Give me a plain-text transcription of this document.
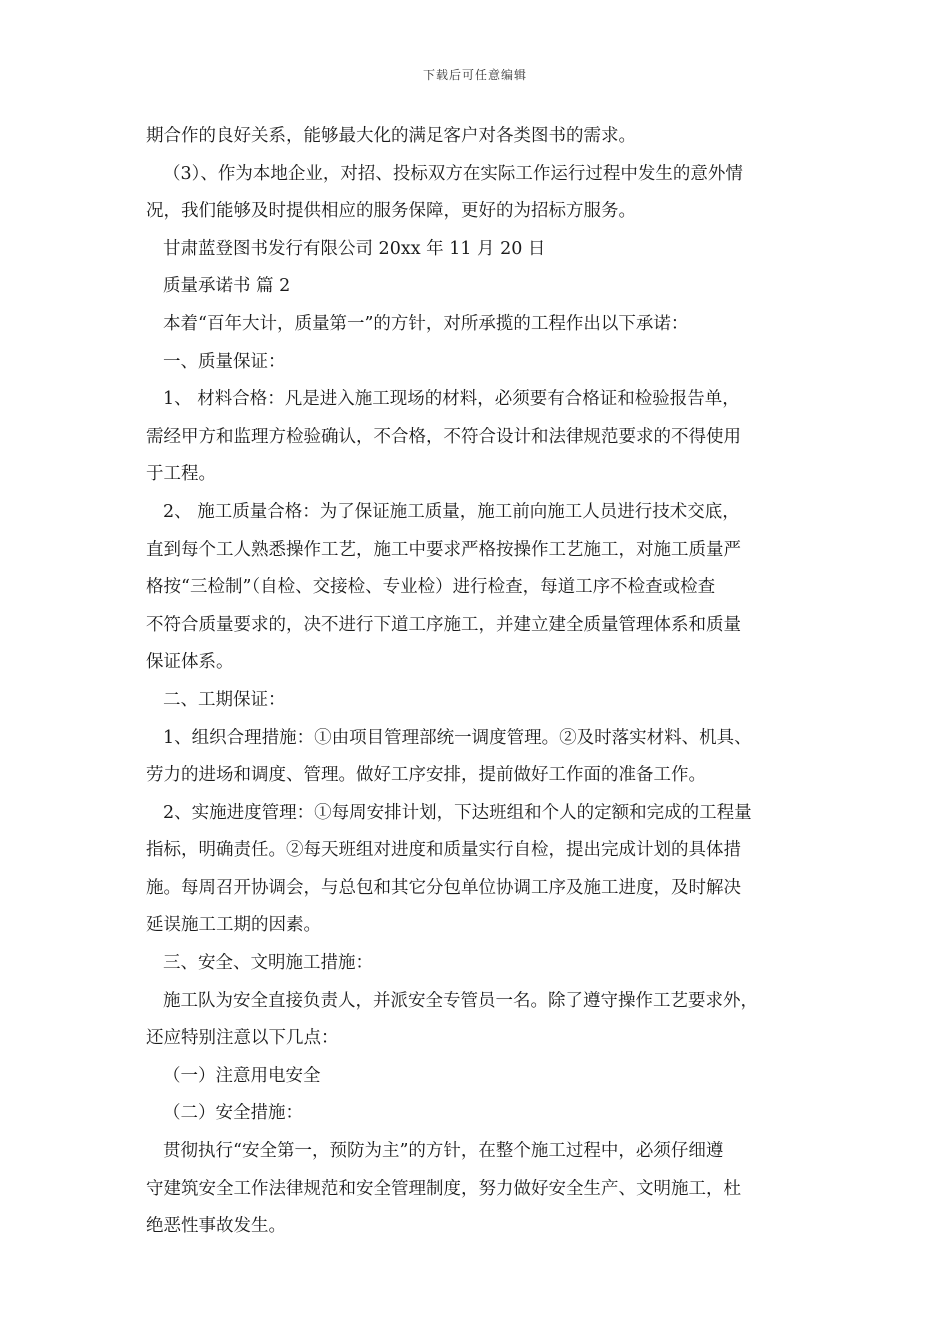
下载后可任意编辑
期合作的良好关系，能够最大化的满足客户对各类图书的需求。
（3）、作为本地企业，对招、投标双方在实际工作运行过程中发生的意外情
况，我们能够及时提供相应的服务保障，更好的为招标方服务。
甘肃蓝登图书发行有限公司 20xx 年 11 月 20 日
质量承诺书 篇 2
本着“百年大计，质量第一”的方针，对所承揽的工程作出以下承诺：
一、质量保证：
1、 材料合格：凡是进入施工现场的材料，必须要有合格证和检验报告单，
需经甲方和监理方检验确认，不合格，不符合设计和法律规范要求的不得使用
于工程。
2、 施工质量合格：为了保证施工质量，施工前向施工人员进行技术交底，
直到每个工人熟悉操作工艺，施工中要求严格按操作工艺施工，对施工质量严
格按“三检制”（自检、交接检、专业检）进行检查，每道工序不检查或检查
不符合质量要求的，决不进行下道工序施工，并建立建全质量管理体系和质量
保证体系。
二、工期保证：
1、组织合理措施：①由项目管理部统一调度管理。②及时落实材料、机具、
劳力的进场和调度、管理。做好工序安排，提前做好工作面的准备工作。
2、实施进度管理：①每周安排计划，下达班组和个人的定额和完成的工程量
指标，明确责任。②每天班组对进度和质量实行自检，提出完成计划的具体措
施。每周召开协调会，与总包和其它分包单位协调工序及施工进度，及时解决
延误施工工期的因素。
三、安全、文明施工措施：
施工队为安全直接负责人，并派安全专管员一名。除了遵守操作工艺要求外，
还应特别注意以下几点：
（一）注意用电安全
（二）安全措施：
贯彻执行“安全第一，预防为主”的方针，在整个施工过程中，必须仔细遵
守建筑安全工作法律规范和安全管理制度，努力做好安全生产、文明施工，杜
绝恶性事故发生。
